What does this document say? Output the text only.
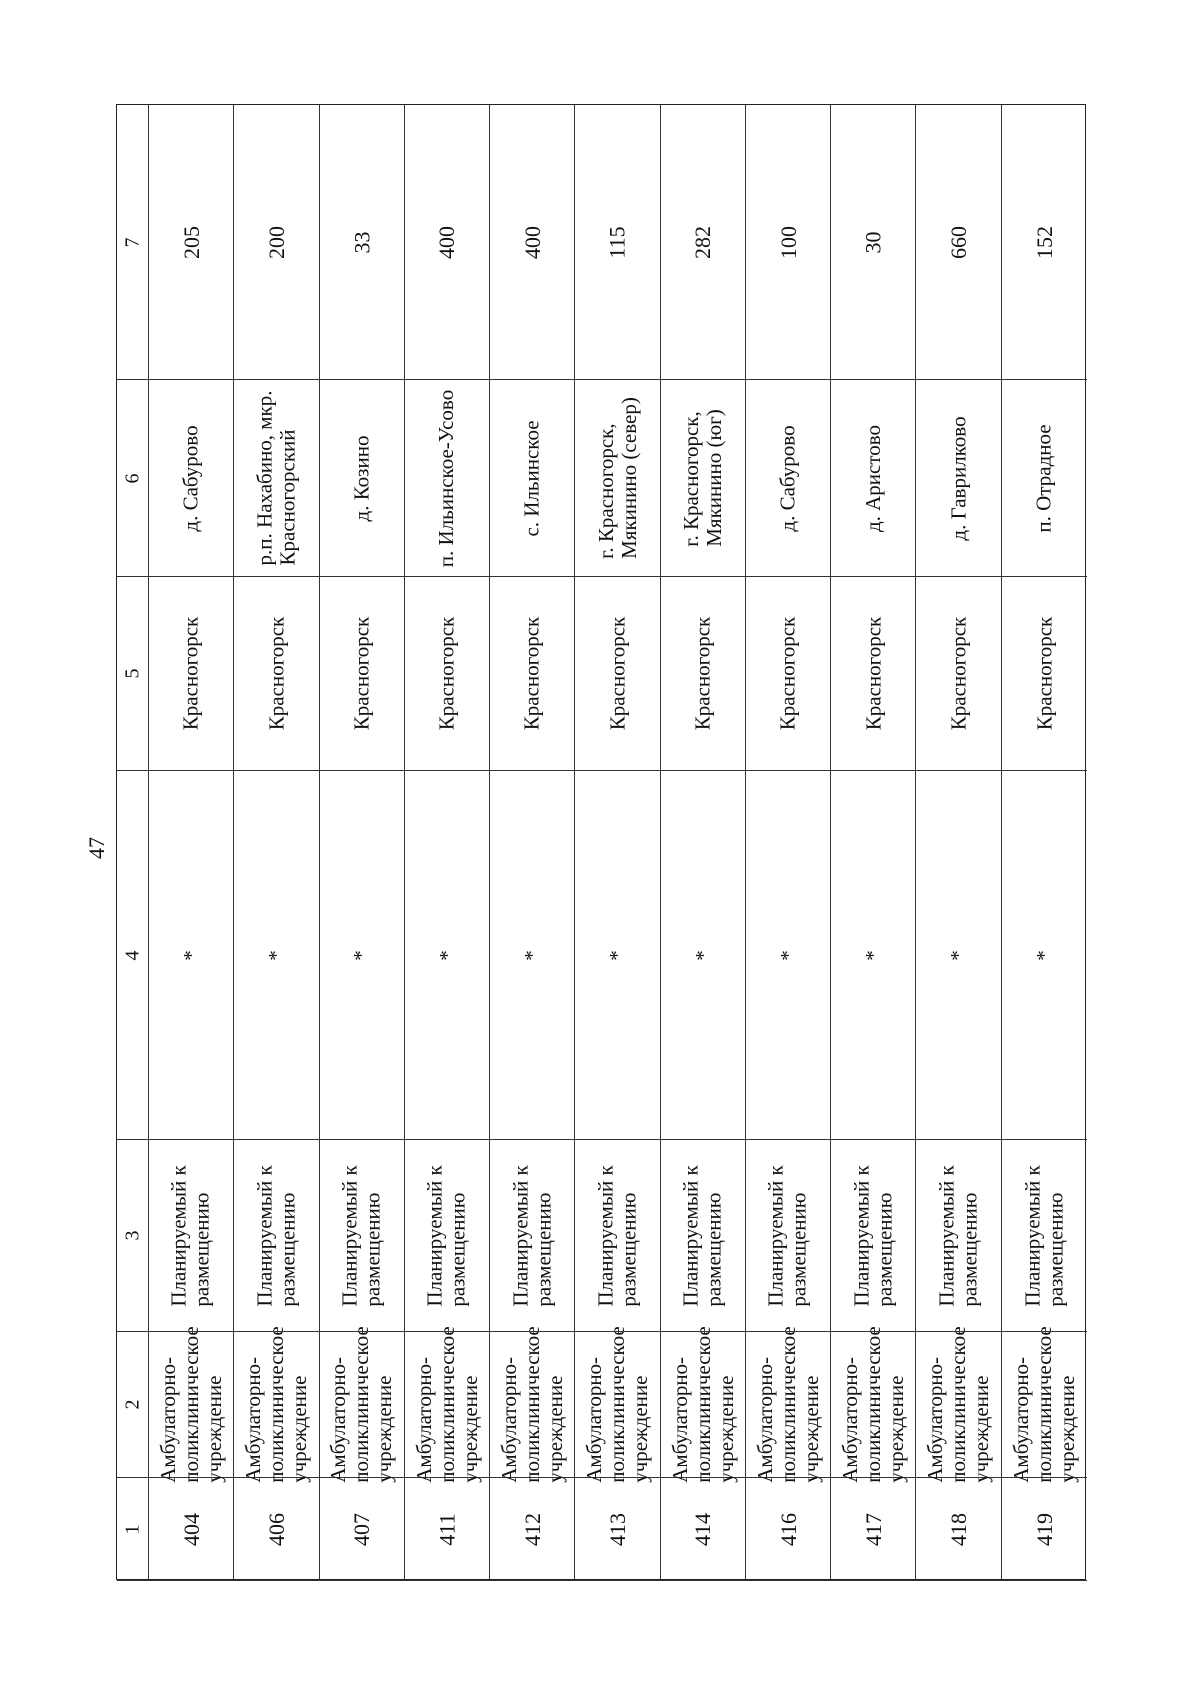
47
1
2
3
4
5
6
7
404
Амбулаторно- поликлиническое учреждение
Планируемый к размещению
*
Красногорск
д. Сабурово
205
406
Амбулаторно- поликлиническое учреждение
Планируемый к размещению
*
Красногорск
р.п. Нахабино, мкр. Красногорский
200
407
Амбулаторно- поликлиническое учреждение
Планируемый к размещению
*
Красногорск
д. Козино
33
411
Амбулаторно- поликлиническое учреждение
Планируемый к размещению
*
Красногорск
п. Ильинское-Усово
400
412
Амбулаторно- поликлиническое учреждение
Планируемый к размещению
*
Красногорск
с. Ильинское
400
413
Амбулаторно- поликлиническое учреждение
Планируемый к размещению
*
Красногорск
г. Красногорск, Мякинино (север)
115
414
Амбулаторно- поликлиническое учреждение
Планируемый к размещению
*
Красногорск
г. Красногорск, Мякинино (юг)
282
416
Амбулаторно- поликлиническое учреждение
Планируемый к размещению
*
Красногорск
д. Сабурово
100
417
Амбулаторно- поликлиническое учреждение
Планируемый к размещению
*
Красногорск
д. Аристово
30
418
Амбулаторно- поликлиническое учреждение
Планируемый к размещению
*
Красногорск
д. Гаврилково
660
419
Амбулаторно- поликлиническое учреждение
Планируемый к размещению
*
Красногорск
п. Отрадное
152
